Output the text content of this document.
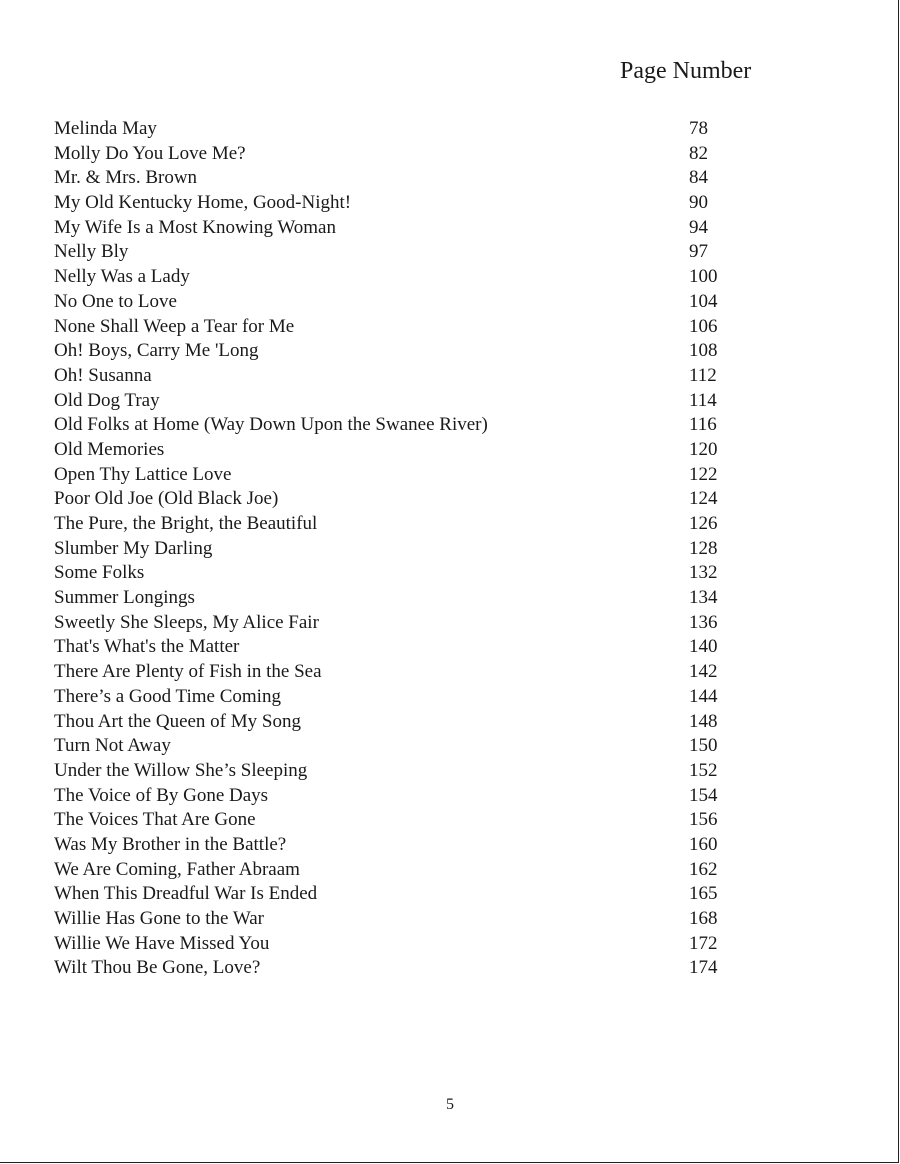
Page Number
Melinda May	78
Molly Do You Love Me?	82
Mr. & Mrs. Brown	84
My Old Kentucky Home, Good-Night!	90
My Wife Is a Most Knowing Woman	94
Nelly Bly	97
Nelly Was a Lady	100
No One to Love	104
None Shall Weep a Tear for Me	106
Oh! Boys, Carry Me 'Long	108
Oh! Susanna	112
Old Dog Tray	114
Old Folks at Home (Way Down Upon the Swanee River)	116
Old Memories	120
Open Thy Lattice Love	122
Poor Old Joe (Old Black Joe)	124
The Pure, the Bright, the Beautiful	126
Slumber My Darling	128
Some Folks	132
Summer Longings	134
Sweetly She Sleeps, My Alice Fair	136
That's What's the Matter	140
There Are Plenty of Fish in the Sea	142
There’s a Good Time Coming	144
Thou Art the Queen of My Song	148
Turn Not Away	150
Under the Willow She’s Sleeping	152
The Voice of By Gone Days	154
The Voices That Are Gone	156
Was My Brother in the Battle?	160
We Are Coming, Father Abraam	162
When This Dreadful War Is Ended	165
Willie Has Gone to the War	168
Willie We Have Missed You	172
Wilt Thou Be Gone, Love?	174
5
